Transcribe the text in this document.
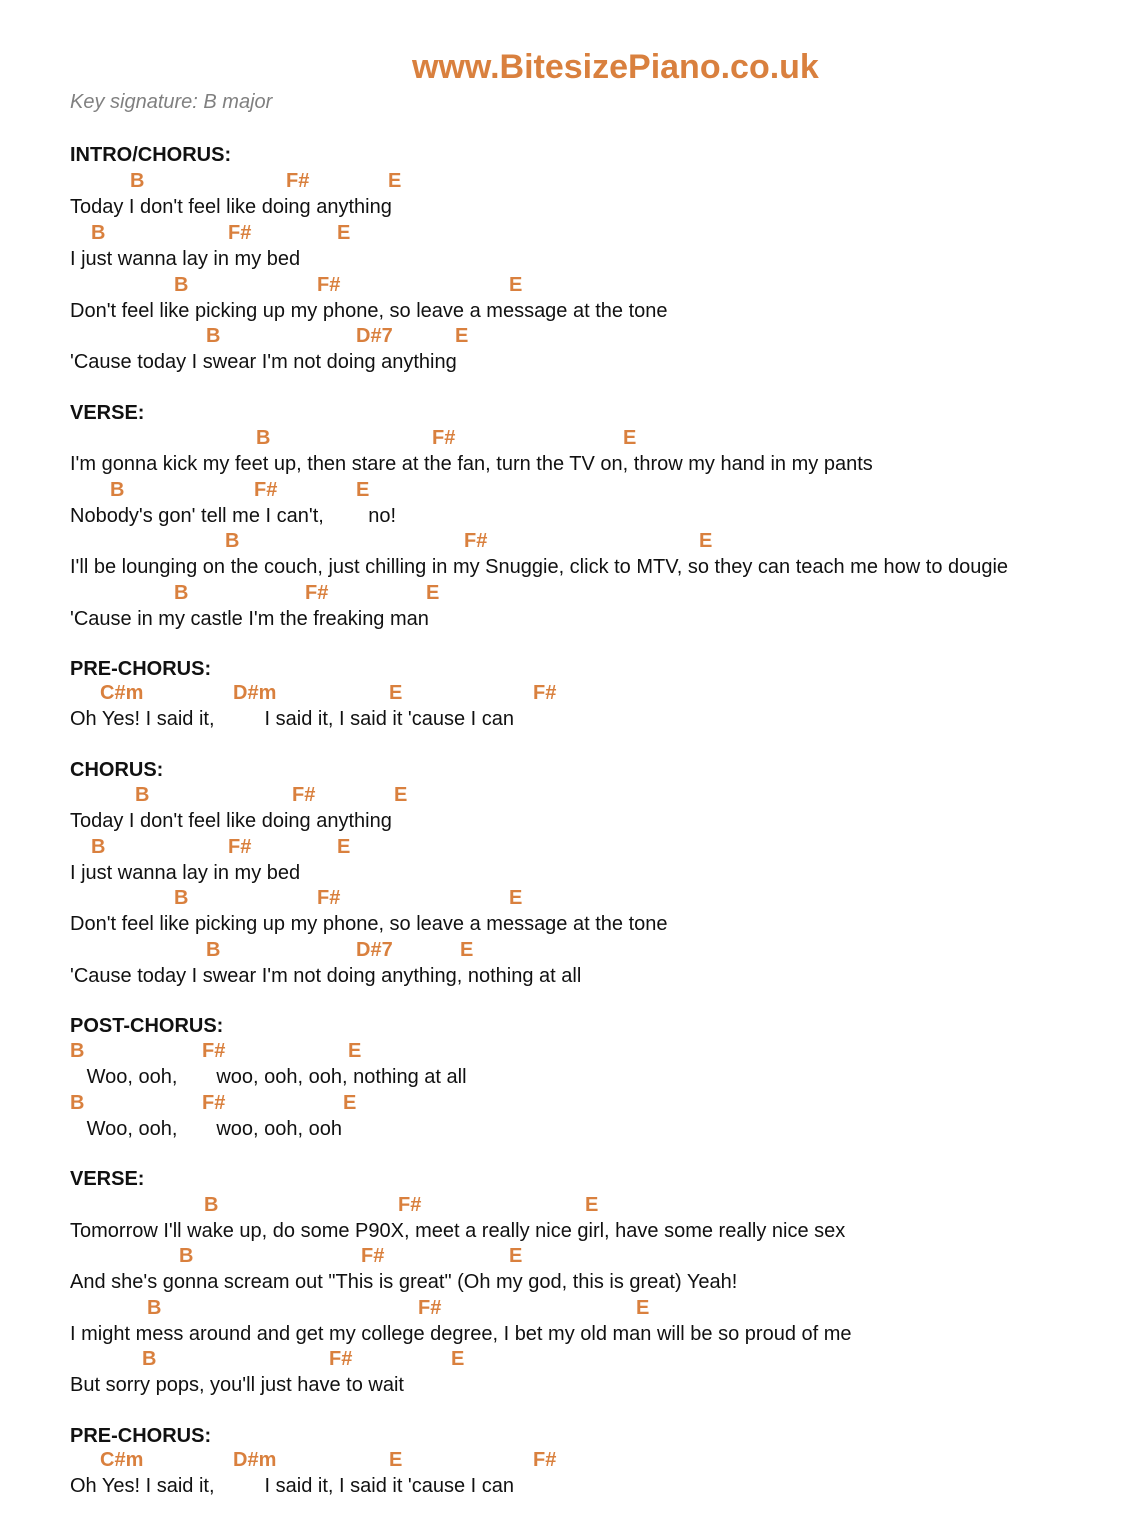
www.BitesizePiano.co.uk
Key signature: B major
INTRO/CHORUS:
B	F#	E
Today I don't feel like doing anything
B	F#	E
I just wanna lay in my bed
B	F#	E
Don't feel like picking up my phone, so leave a message at the tone
B	D#7	E
'Cause today I swear I'm not doing anything
VERSE:
B	F#	E
I'm gonna kick my feet up, then stare at the fan, turn the TV on, throw my hand in my pants
B	F#	E
Nobody's gon' tell me I can't,        no!
B	F#	E
I'll be lounging on the couch, just chilling in my Snuggie, click to MTV, so they can teach me how to dougie
B	F#	E
'Cause in my castle I'm the freaking man
PRE-CHORUS:
C#m	D#m	E	F#
Oh Yes! I said it,         I said it, I said it 'cause I can
CHORUS:
B	F#	E
Today I don't feel like doing anything
B	F#	E
I just wanna lay in my bed
B	F#	E
Don't feel like picking up my phone, so leave a message at the tone
B	D#7	E
'Cause today I swear I'm not doing anything, nothing at all
POST-CHORUS:
B	F#	E
Woo, ooh,       woo, ooh, ooh, nothing at all
B	F#	E
Woo, ooh,       woo, ooh, ooh
VERSE:
B	F#	E
Tomorrow I'll wake up, do some P90X, meet a really nice girl, have some really nice sex
B	F#	E
And she's gonna scream out "This is great" (Oh my god, this is great) Yeah!
B	F#	E
I might mess around and get my college degree, I bet my old man will be so proud of me
B	F#	E
But sorry pops, you'll just have to wait
PRE-CHORUS:
C#m	D#m	E	F#
Oh Yes! I said it,         I said it, I said it 'cause I can
